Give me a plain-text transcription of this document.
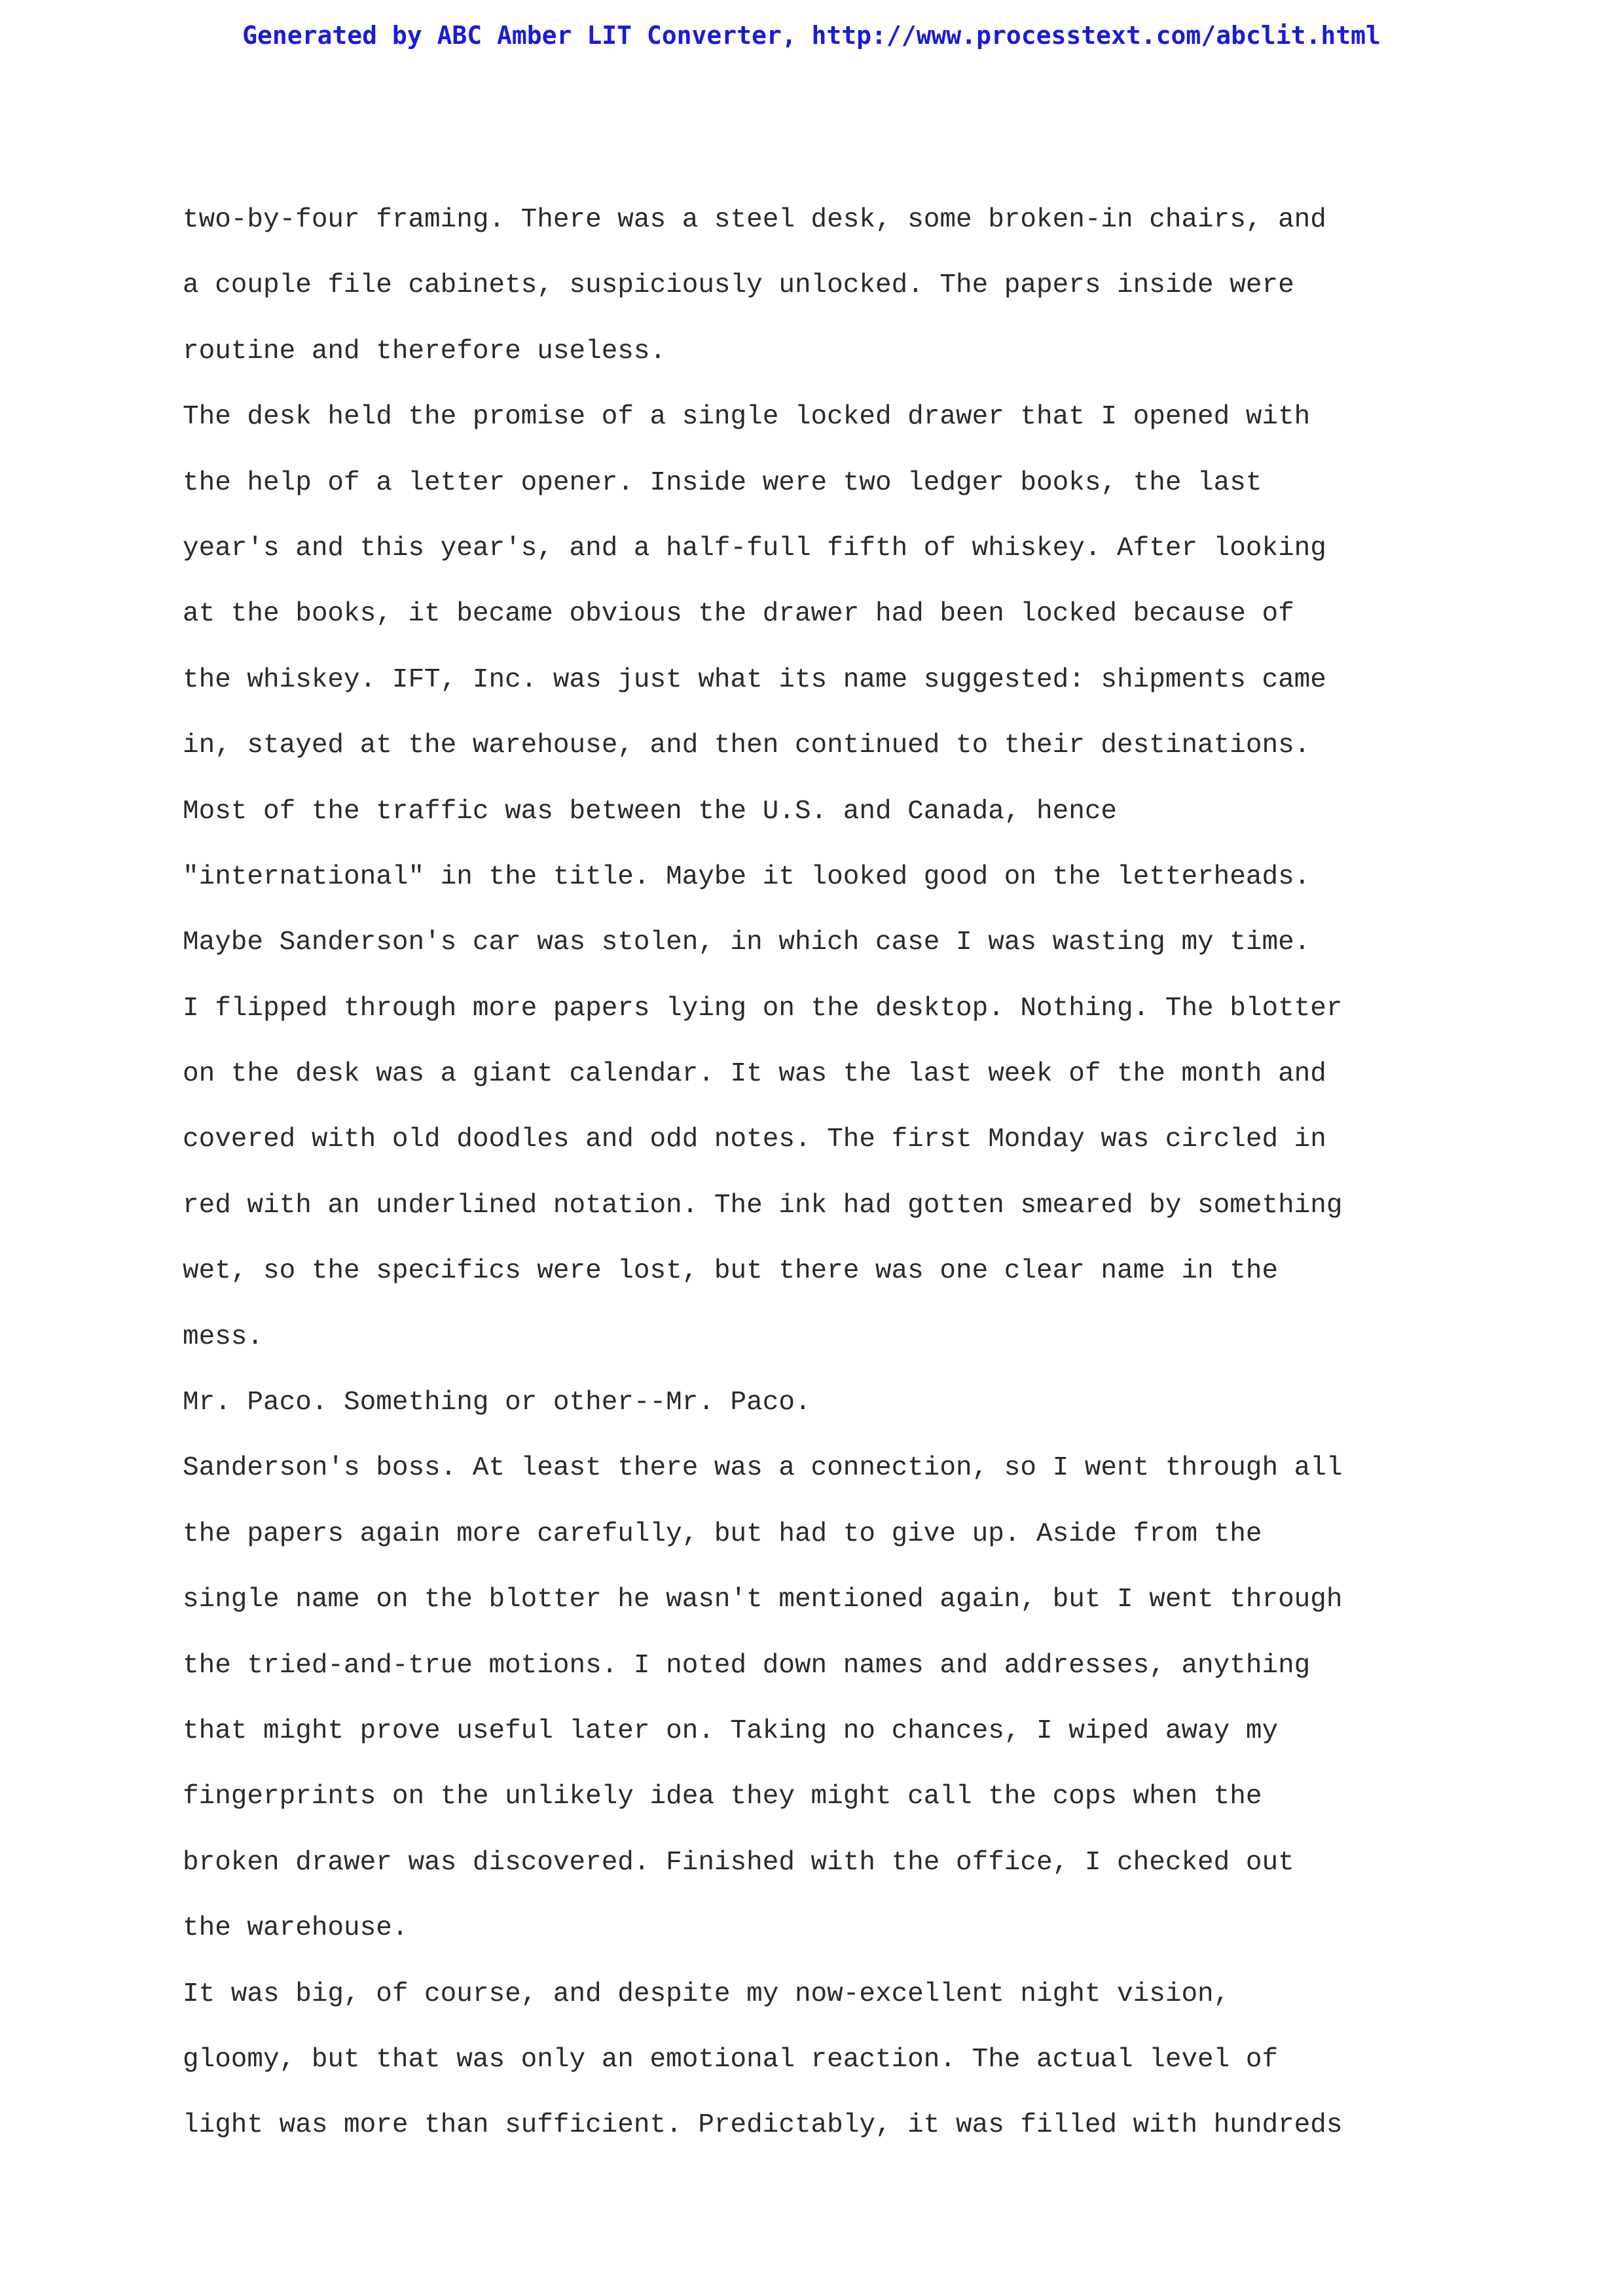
Generated by ABC Amber LIT Converter, http://www.processtext.com/abclit.html
two-by-four framing. There was a steel desk, some broken-in chairs, and
a couple file cabinets, suspiciously unlocked. The papers inside were
routine and therefore useless.
The desk held the promise of a single locked drawer that I opened with
the help of a letter opener. Inside were two ledger books, the last
year's and this year's, and a half-full fifth of whiskey. After looking
at the books, it became obvious the drawer had been locked because of
the whiskey. IFT, Inc. was just what its name suggested: shipments came
in, stayed at the warehouse, and then continued to their destinations.
Most of the traffic was between the U.S. and Canada, hence
"international" in the title. Maybe it looked good on the letterheads.
Maybe Sanderson's car was stolen, in which case I was wasting my time.
I flipped through more papers lying on the desktop. Nothing. The blotter
on the desk was a giant calendar. It was the last week of the month and
covered with old doodles and odd notes. The first Monday was circled in
red with an underlined notation. The ink had gotten smeared by something
wet, so the specifics were lost, but there was one clear name in the
mess.
Mr. Paco. Something or other--Mr. Paco.
Sanderson's boss. At least there was a connection, so I went through all
the papers again more carefully, but had to give up. Aside from the
single name on the blotter he wasn't mentioned again, but I went through
the tried-and-true motions. I noted down names and addresses, anything
that might prove useful later on. Taking no chances, I wiped away my
fingerprints on the unlikely idea they might call the cops when the
broken drawer was discovered. Finished with the office, I checked out
the warehouse.
It was big, of course, and despite my now-excellent night vision,
gloomy, but that was only an emotional reaction. The actual level of
light was more than sufficient. Predictably, it was filled with hundreds
